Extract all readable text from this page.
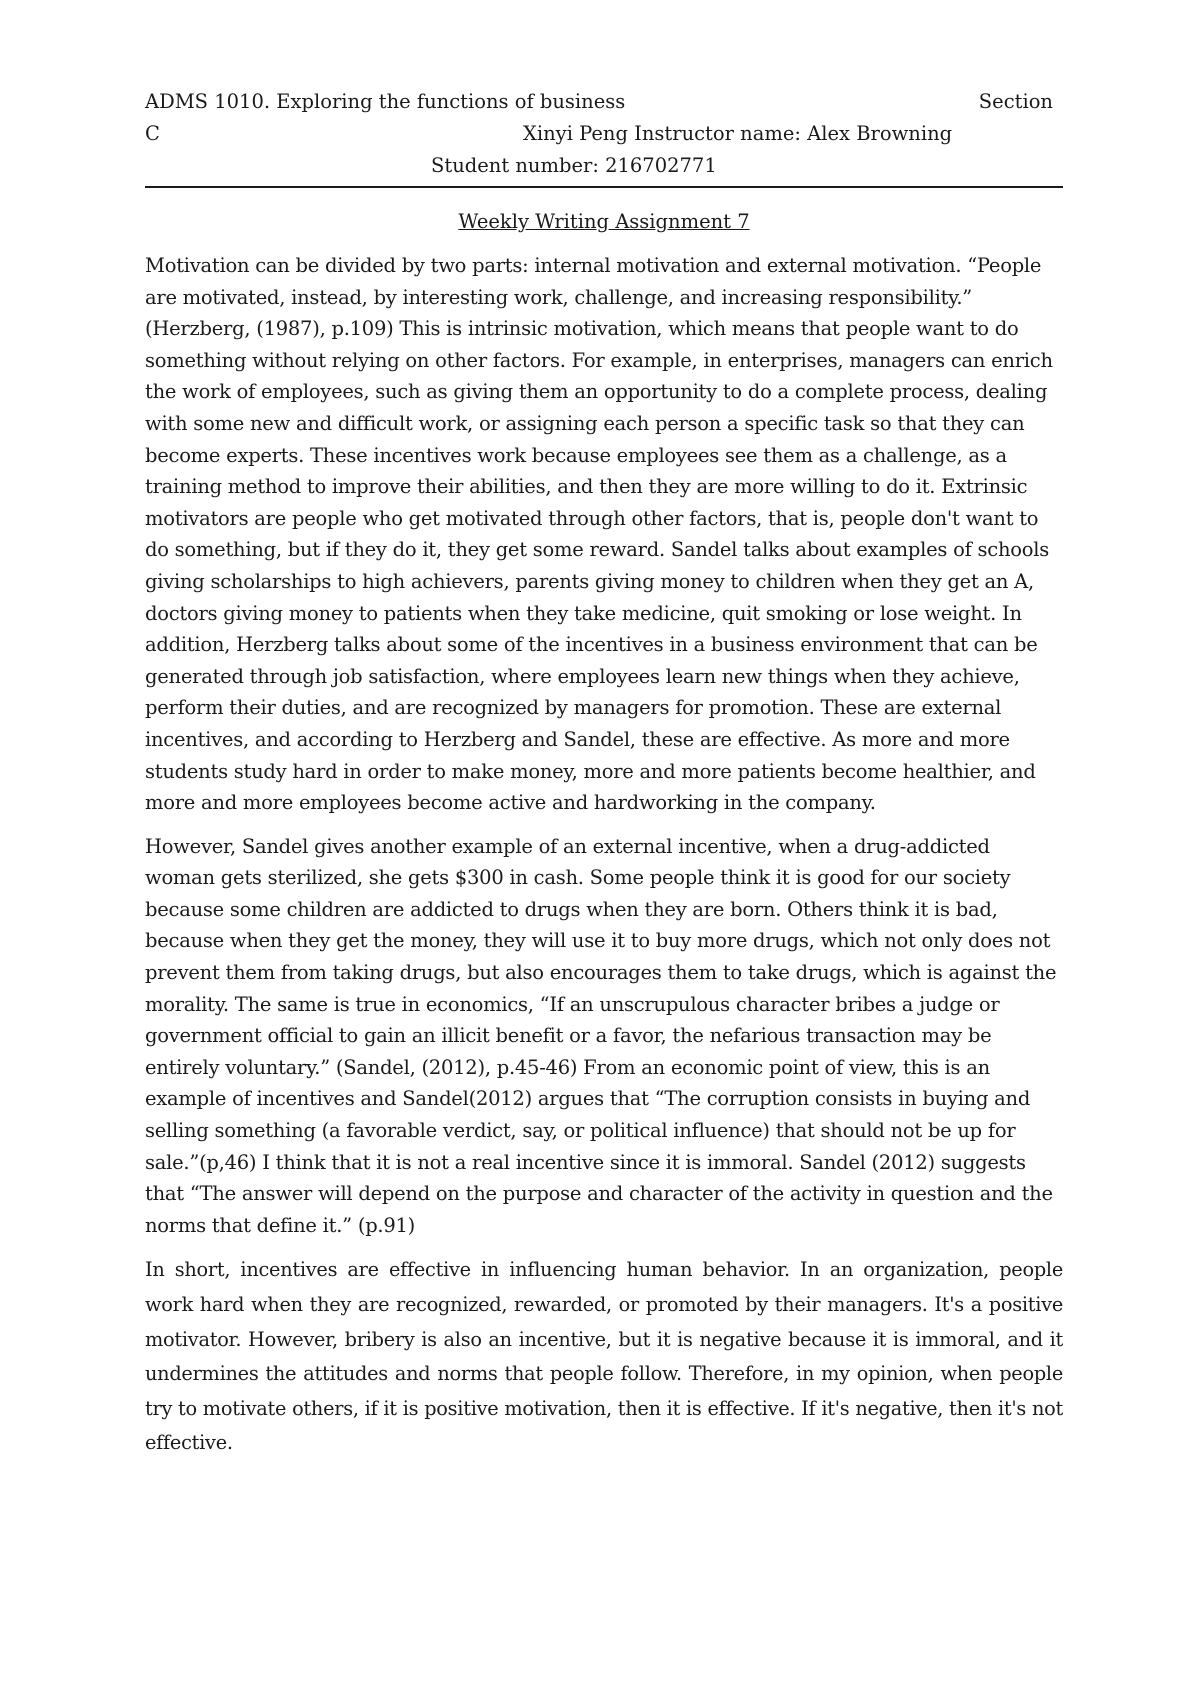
ADMS 1010. Exploring the functions of business	Section
C	Xinyi Peng Instructor name: Alex Browning
Student number: 216702771
Weekly Writing Assignment 7

Motivation can be divided by two parts: internal motivation and external motivation. “People are motivated, instead, by interesting work, challenge, and increasing responsibility.” (Herzberg, (1987), p.109) This is intrinsic motivation, which means that people want to do something without relying on other factors. For example, in enterprises, managers can enrich the work of employees, such as giving them an opportunity to do a complete process, dealing with some new and difficult work, or assigning each person a specific task so that they can become experts. These incentives work because employees see them as a challenge, as a training method to improve their abilities, and then they are more willing to do it. Extrinsic motivators are people who get motivated through other factors, that is, people don't want to do something, but if they do it, they get some reward. Sandel talks about examples of schools giving scholarships to high achievers, parents giving money to children when they get an A, doctors giving money to patients when they take medicine, quit smoking or lose weight. In addition, Herzberg talks about some of the incentives in a business environment that can be generated through job satisfaction, where employees learn new things when they achieve, perform their duties, and are recognized by managers for promotion. These are external incentives, and according to Herzberg and Sandel, these are effective. As more and more students study hard in order to make money, more and more patients become healthier, and more and more employees become active and hardworking in the company.

However, Sandel gives another example of an external incentive, when a drug-addicted woman gets sterilized, she gets $300 in cash. Some people think it is good for our society because some children are addicted to drugs when they are born. Others think it is bad, because when they get the money, they will use it to buy more drugs, which not only does not prevent them from taking drugs, but also encourages them to take drugs, which is against the morality. The same is true in economics, “If an unscrupulous character bribes a judge or government official to gain an illicit benefit or a favor, the nefarious transaction may be entirely voluntary.” (Sandel, (2012), p.45-46) From an economic point of view, this is an example of incentives and Sandel(2012) argues that “The corruption consists in buying and selling something (a favorable verdict, say, or political influence) that should not be up for sale.”(p,46) I think that it is not a real incentive since it is immoral. Sandel (2012) suggests that “The answer will depend on the purpose and character of the activity in question and the norms that define it.” (p.91)

In short, incentives are effective in influencing human behavior. In an organization, people work hard when they are recognized, rewarded, or promoted by their managers. It's a positive motivator. However, bribery is also an incentive, but it is negative because it is immoral, and it undermines the attitudes and norms that people follow. Therefore, in my opinion, when people try to motivate others, if it is positive motivation, then it is effective. If it's negative, then it's not effective.
